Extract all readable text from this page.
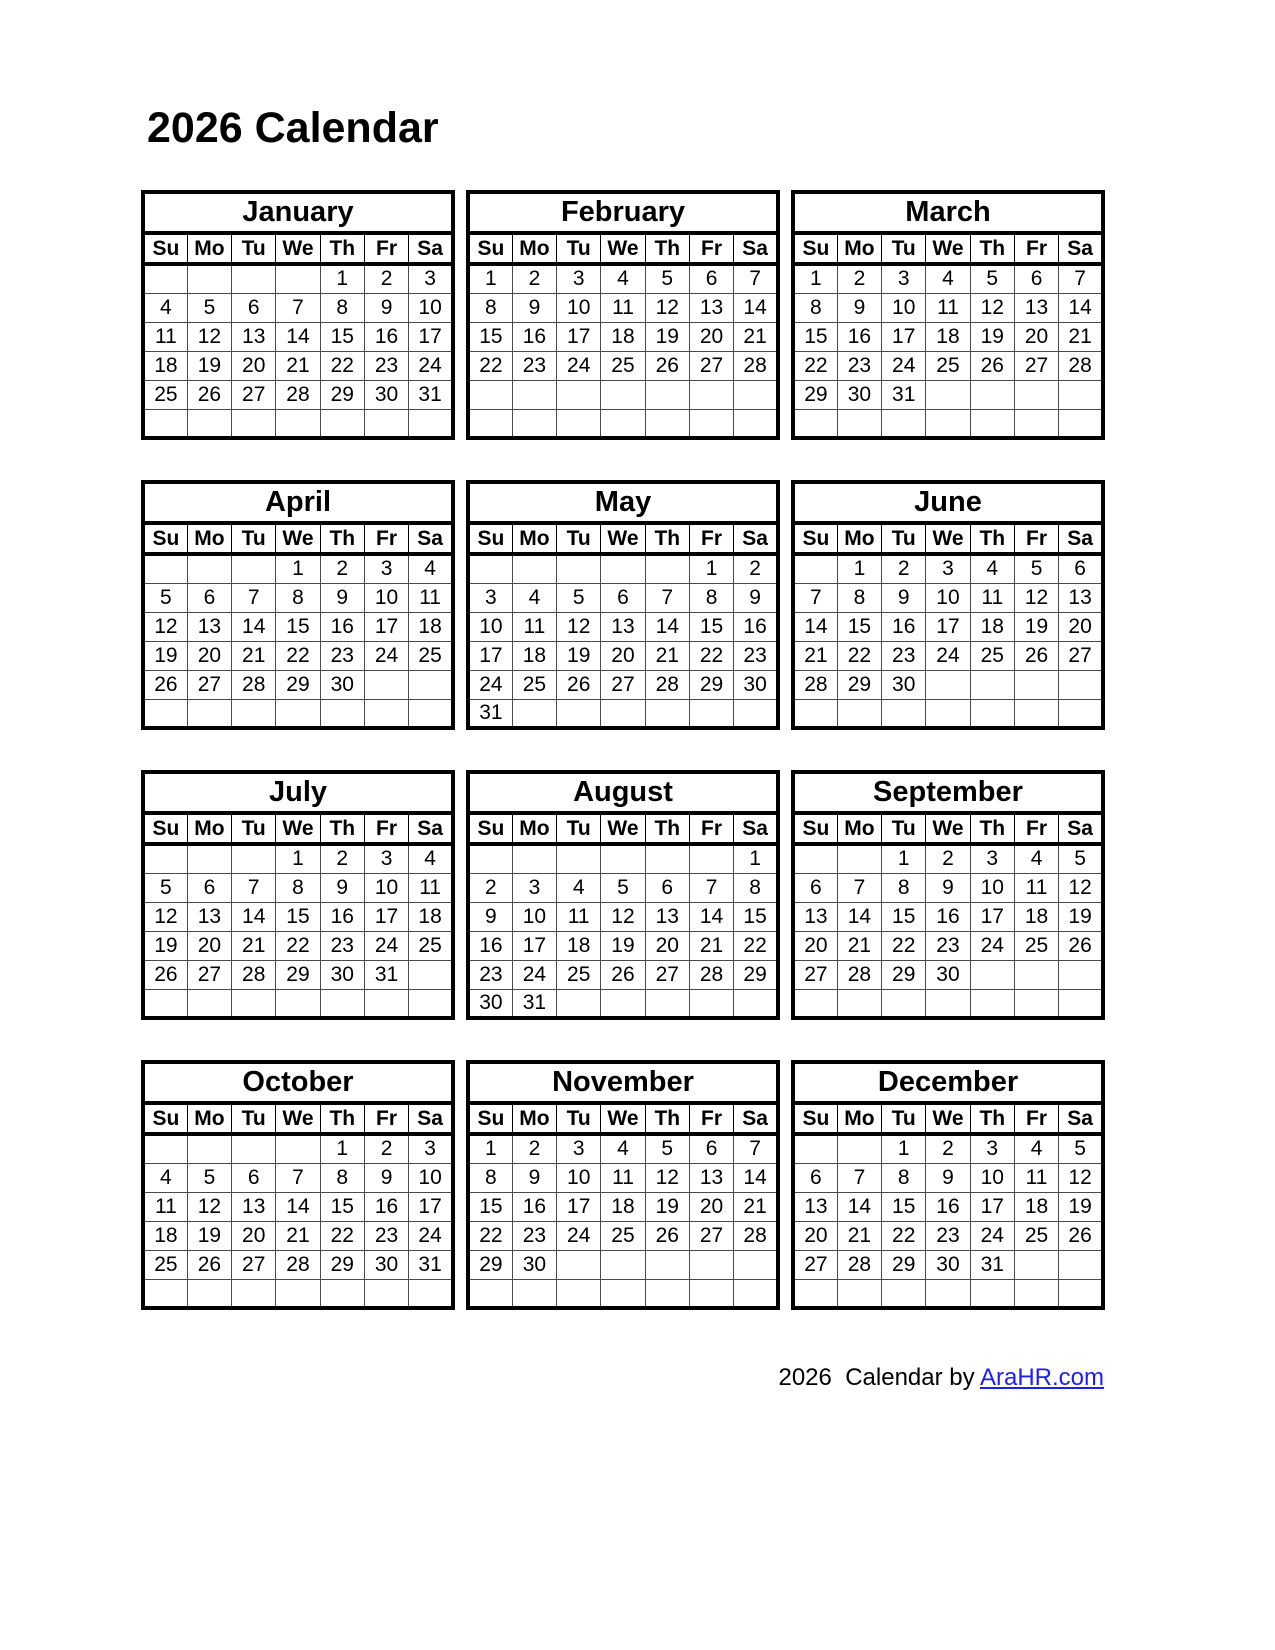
2026 Calendar
January						
Su	Mo	Tu	We	Th	Fr	Sa
				1	2	3
4	5	6	7	8	9	10
11	12	13	14	15	16	17
18	19	20	21	22	23	24
25	26	27	28	29	30	31

February						
Su	Mo	Tu	We	Th	Fr	Sa
1	2	3	4	5	6	7
8	9	10	11	12	13	14
15	16	17	18	19	20	21
22	23	24	25	26	27	28

March						
Su	Mo	Tu	We	Th	Fr	Sa
1	2	3	4	5	6	7
8	9	10	11	12	13	14
15	16	17	18	19	20	21
22	23	24	25	26	27	28
29	30	31				

April						
Su	Mo	Tu	We	Th	Fr	Sa
			1	2	3	4
5	6	7	8	9	10	11
12	13	14	15	16	17	18
19	20	21	22	23	24	25
26	27	28	29	30		

May						
Su	Mo	Tu	We	Th	Fr	Sa
					1	2
3	4	5	6	7	8	9
10	11	12	13	14	15	16
17	18	19	20	21	22	23
24	25	26	27	28	29	30
31						
June						
Su	Mo	Tu	We	Th	Fr	Sa
	1	2	3	4	5	6
7	8	9	10	11	12	13
14	15	16	17	18	19	20
21	22	23	24	25	26	27
28	29	30				

July						
Su	Mo	Tu	We	Th	Fr	Sa
			1	2	3	4
5	6	7	8	9	10	11
12	13	14	15	16	17	18
19	20	21	22	23	24	25
26	27	28	29	30	31	

August						
Su	Mo	Tu	We	Th	Fr	Sa
						1
2	3	4	5	6	7	8
9	10	11	12	13	14	15
16	17	18	19	20	21	22
23	24	25	26	27	28	29
30	31					
September						
Su	Mo	Tu	We	Th	Fr	Sa
		1	2	3	4	5
6	7	8	9	10	11	12
13	14	15	16	17	18	19
20	21	22	23	24	25	26
27	28	29	30			

October						
Su	Mo	Tu	We	Th	Fr	Sa
				1	2	3
4	5	6	7	8	9	10
11	12	13	14	15	16	17
18	19	20	21	22	23	24
25	26	27	28	29	30	31

November						
Su	Mo	Tu	We	Th	Fr	Sa
1	2	3	4	5	6	7
8	9	10	11	12	13	14
15	16	17	18	19	20	21
22	23	24	25	26	27	28
29	30					

December						
Su	Mo	Tu	We	Th	Fr	Sa
		1	2	3	4	5
6	7	8	9	10	11	12
13	14	15	16	17	18	19
20	21	22	23	24	25	26
27	28	29	30	31		

2026  Calendar by AraHR.com
